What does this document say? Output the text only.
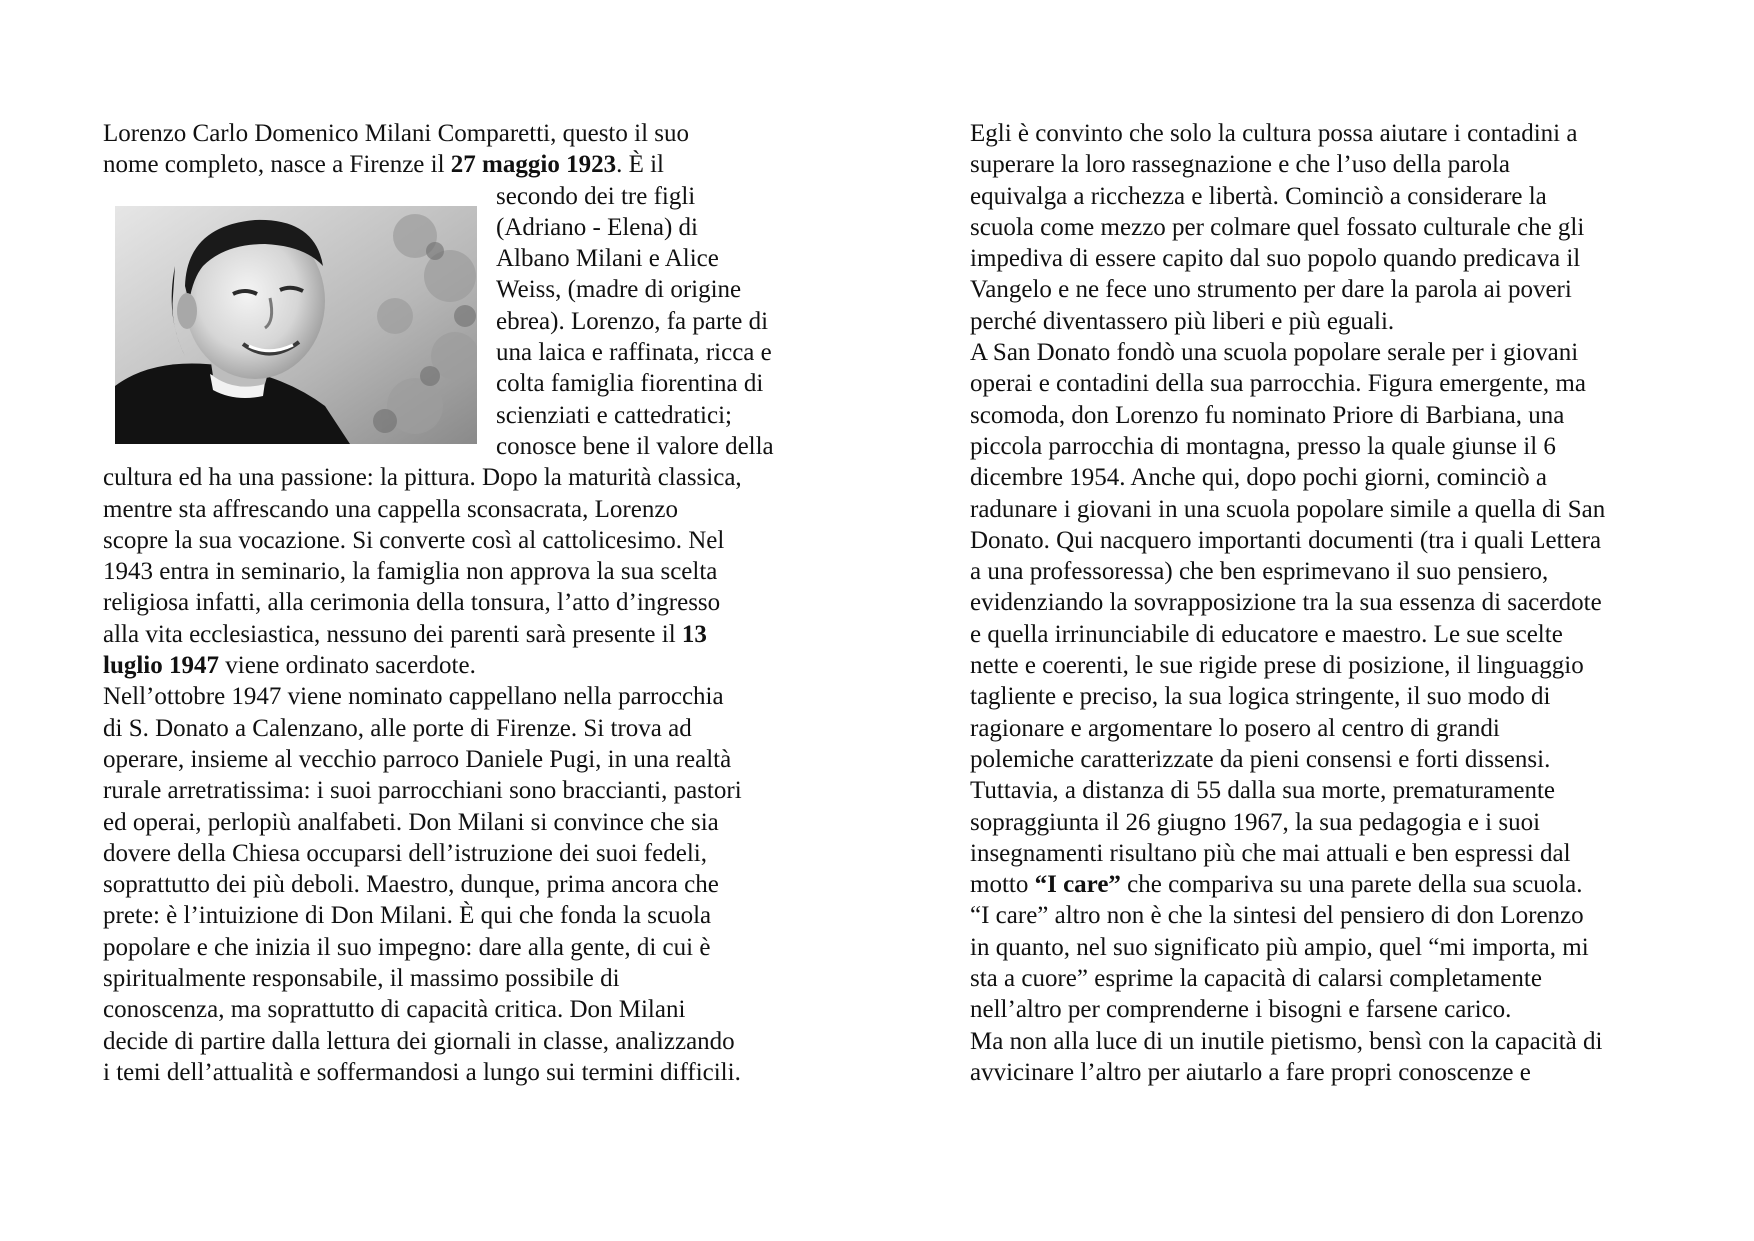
Lorenzo Carlo Domenico Milani Comparetti, questo il suo
nome completo, nasce a Firenze il 27 maggio 1923. È il
secondo dei tre figli
(Adriano - Elena) di
Albano Milani e Alice
Weiss, (madre di origine
ebrea). Lorenzo, fa parte di
una laica e raffinata, ricca e
colta famiglia fiorentina di
scienziati e cattedratici;
conosce bene il valore della
cultura ed ha una passione: la pittura. Dopo la maturità classica,
mentre sta affrescando una cappella sconsacrata, Lorenzo
scopre la sua vocazione. Si converte così al cattolicesimo. Nel
1943 entra in seminario, la famiglia non approva la sua scelta
religiosa infatti, alla cerimonia della tonsura, l’atto d’ingresso
alla vita ecclesiastica, nessuno dei parenti sarà presente il 13
luglio 1947 viene ordinato sacerdote.
Nell’ottobre 1947 viene nominato cappellano nella parrocchia
di S. Donato a Calenzano, alle porte di Firenze. Si trova ad
operare, insieme al vecchio parroco Daniele Pugi, in una realtà
rurale arretratissima: i suoi parrocchiani sono braccianti, pastori
ed operai, perlopiù analfabeti. Don Milani si convince che sia
dovere della Chiesa occuparsi dell’istruzione dei suoi fedeli,
soprattutto dei più deboli. Maestro, dunque, prima ancora che
prete: è l’intuizione di Don Milani. È qui che fonda la scuola
popolare e che inizia il suo impegno: dare alla gente, di cui è
spiritualmente responsabile, il massimo possibile di
conoscenza, ma soprattutto di capacità critica. Don Milani
decide di partire dalla lettura dei giornali in classe, analizzando
i temi dell’attualità e soffermandosi a lungo sui termini difficili.
Egli è convinto che solo la cultura possa aiutare i contadini a
superare la loro rassegnazione e che l’uso della parola
equivalga a ricchezza e libertà. Cominciò a considerare la
scuola come mezzo per colmare quel fossato culturale che gli
impediva di essere capito dal suo popolo quando predicava il
Vangelo e ne fece uno strumento per dare la parola ai poveri
perché diventassero più liberi e più eguali.
A San Donato fondò una scuola popolare serale per i giovani
operai e contadini della sua parrocchia. Figura emergente, ma
scomoda, don Lorenzo fu nominato Priore di Barbiana, una
piccola parrocchia di montagna, presso la quale giunse il 6
dicembre 1954. Anche qui, dopo pochi giorni, cominciò a
radunare i giovani in una scuola popolare simile a quella di San
Donato. Qui nacquero importanti documenti (tra i quali Lettera
a una professoressa) che ben esprimevano il suo pensiero,
evidenziando la sovrapposizione tra la sua essenza di sacerdote
e quella irrinunciabile di educatore e maestro. Le sue scelte
nette e coerenti, le sue rigide prese di posizione, il linguaggio
tagliente e preciso, la sua logica stringente, il suo modo di
ragionare e argomentare lo posero al centro di grandi
polemiche caratterizzate da pieni consensi e forti dissensi.
Tuttavia, a distanza di 55 dalla sua morte, prematuramente
sopraggiunta il 26 giugno 1967, la sua pedagogia e i suoi
insegnamenti risultano più che mai attuali e ben espressi dal
motto “I care” che compariva su una parete della sua scuola.
“I care” altro non è che la sintesi del pensiero di don Lorenzo
in quanto, nel suo significato più ampio, quel “mi importa, mi
sta a cuore” esprime la capacità di calarsi completamente
nell’altro per comprenderne i bisogni e farsene carico.
Ma non alla luce di un inutile pietismo, bensì con la capacità di
avvicinare l’altro per aiutarlo a fare propri conoscenze e
